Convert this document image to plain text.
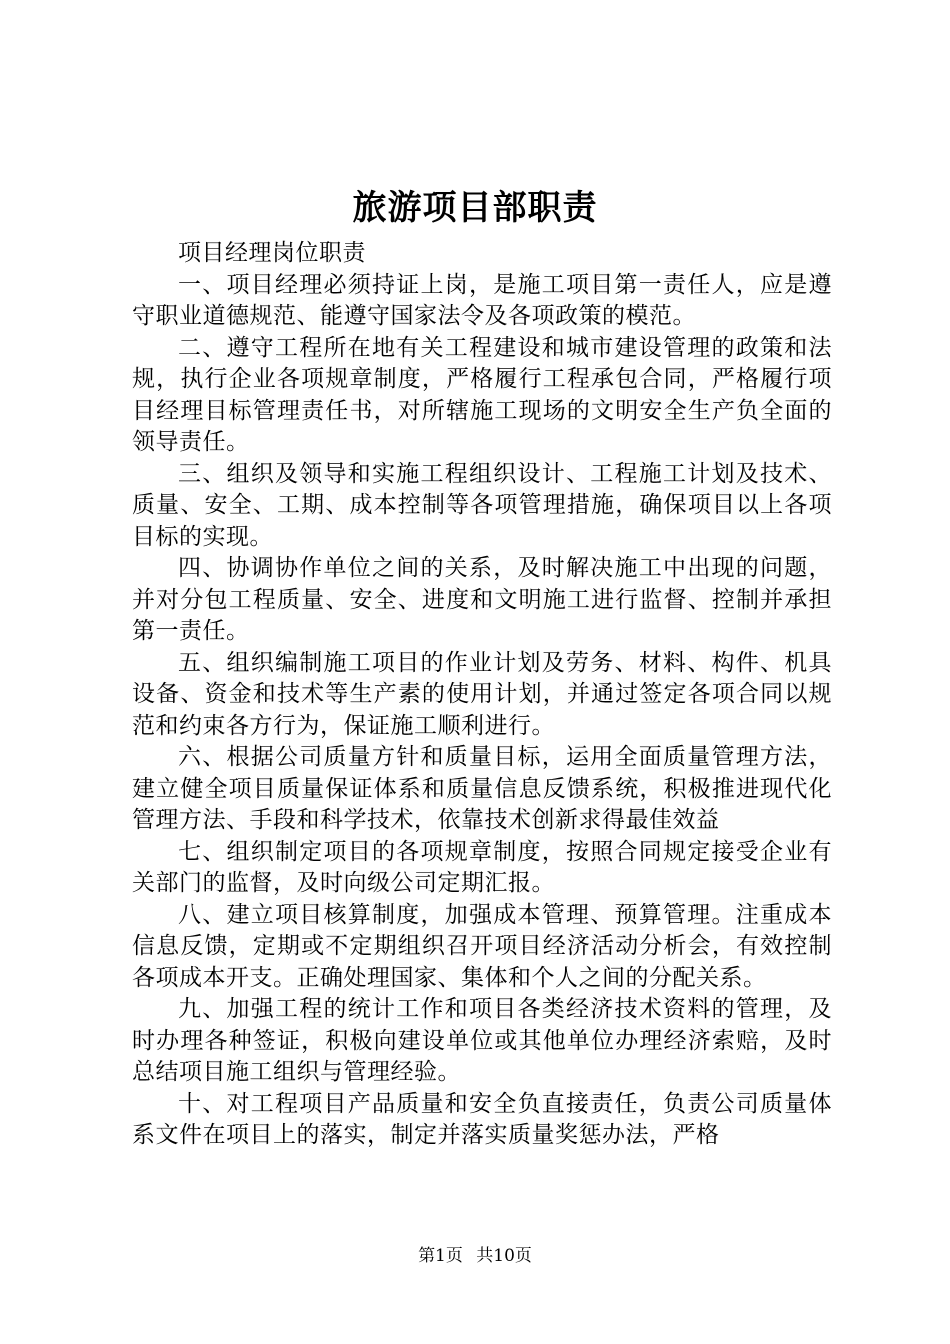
旅游项目部职责

项目经理岗位职责

一、项目经理必须持证上岗，是施工项目第一责任人，应是遵守职业道德规范、能遵守国家法令及各项政策的模范。

二、遵守工程所在地有关工程建设和城市建设管理的政策和法规，执行企业各项规章制度，严格履行工程承包合同，严格履行项目经理目标管理责任书，对所辖施工现场的文明安全生产负全面的领导责任。

三、组织及领导和实施工程组织设计、工程施工计划及技术、质量、安全、工期、成本控制等各项管理措施，确保项目以上各项目标的实现。

四、协调协作单位之间的关系，及时解决施工中出现的问题，并对分包工程质量、安全、进度和文明施工进行监督、控制并承担第一责任。

五、组织编制施工项目的作业计划及劳务、材料、构件、机具设备、资金和技术等生产素的使用计划，并通过签定各项合同以规范和约束各方行为，保证施工顺利进行。

六、根据公司质量方针和质量目标，运用全面质量管理方法，建立健全项目质量保证体系和质量信息反馈系统，积极推进现代化管理方法、手段和科学技术，依靠技术创新求得最佳效益

七、组织制定项目的各项规章制度，按照合同规定接受企业有关部门的监督，及时向级公司定期汇报。

八、建立项目核算制度，加强成本管理、预算管理。注重成本信息反馈，定期或不定期组织召开项目经济活动分析会，有效控制各项成本开支。正确处理国家、集体和个人之间的分配关系。

九、加强工程的统计工作和项目各类经济技术资料的管理，及时办理各种签证，积极向建设单位或其他单位办理经济索赔，及时总结项目施工组织与管理经验。

十、对工程项目产品质量和安全负直接责任，负责公司质量体系文件在项目上的落实，制定并落实质量奖惩办法，严格

第1页 共10页
